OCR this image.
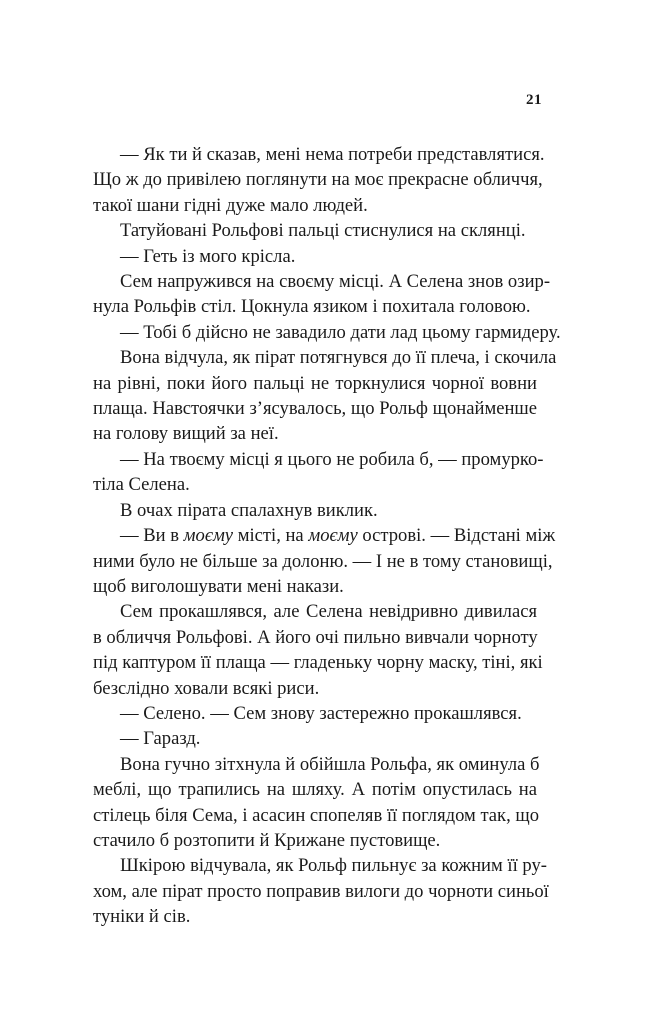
21

— Як ти й сказав, мені нема потреби представлятися.
Що ж до привілею поглянути на моє прекрасне обличчя,
такої шани гідні дуже мало людей.

Татуйовані Рольфові пальці стиснулися на склянці.

— Геть із мого крісла.

Сем напружився на своєму місці. А Селена знов озир-
нула Рольфів стіл. Цокнула язиком і похитала головою.

— Тобі б дійсно не завадило дати лад цьому гармидеру.

Вона відчула, як пірат потягнувся до її плеча, і скочила
на рівні, поки його пальці не торкнулися чорної вовни
плаща. Навстоячки з’ясувалось, що Рольф щонайменше
на голову вищий за неї.

— На твоєму місці я цього не робила б, — промурко-
тіла Селена.

В очах пірата спалахнув виклик.

— Ви в моєму місті, на моєму острові. — Відстані між
ними було не більше за долоню. — І не в тому становищі,
щоб виголошувати мені накази.

Сем прокашлявся, але Селена невідривно дивилася
в обличчя Рольфові. А його очі пильно вивчали чорноту
під каптуром її плаща — гладеньку чорну маску, тіні, які
безслідно ховали всякі риси.

— Селено. — Сем знову застережно прокашлявся.

— Гаразд.

Вона гучно зітхнула й обійшла Рольфа, як оминула б
меблі, що трапились на шляху. А потім опустилась на
стілець біля Сема, і асасин спопеляв її поглядом так, що
стачило б розтопити й Крижане пустовище.

Шкірою відчувала, як Рольф пильнує за кожним її ру-
хом, але пірат просто поправив вилоги до чорноти синьої
туніки й сів.
